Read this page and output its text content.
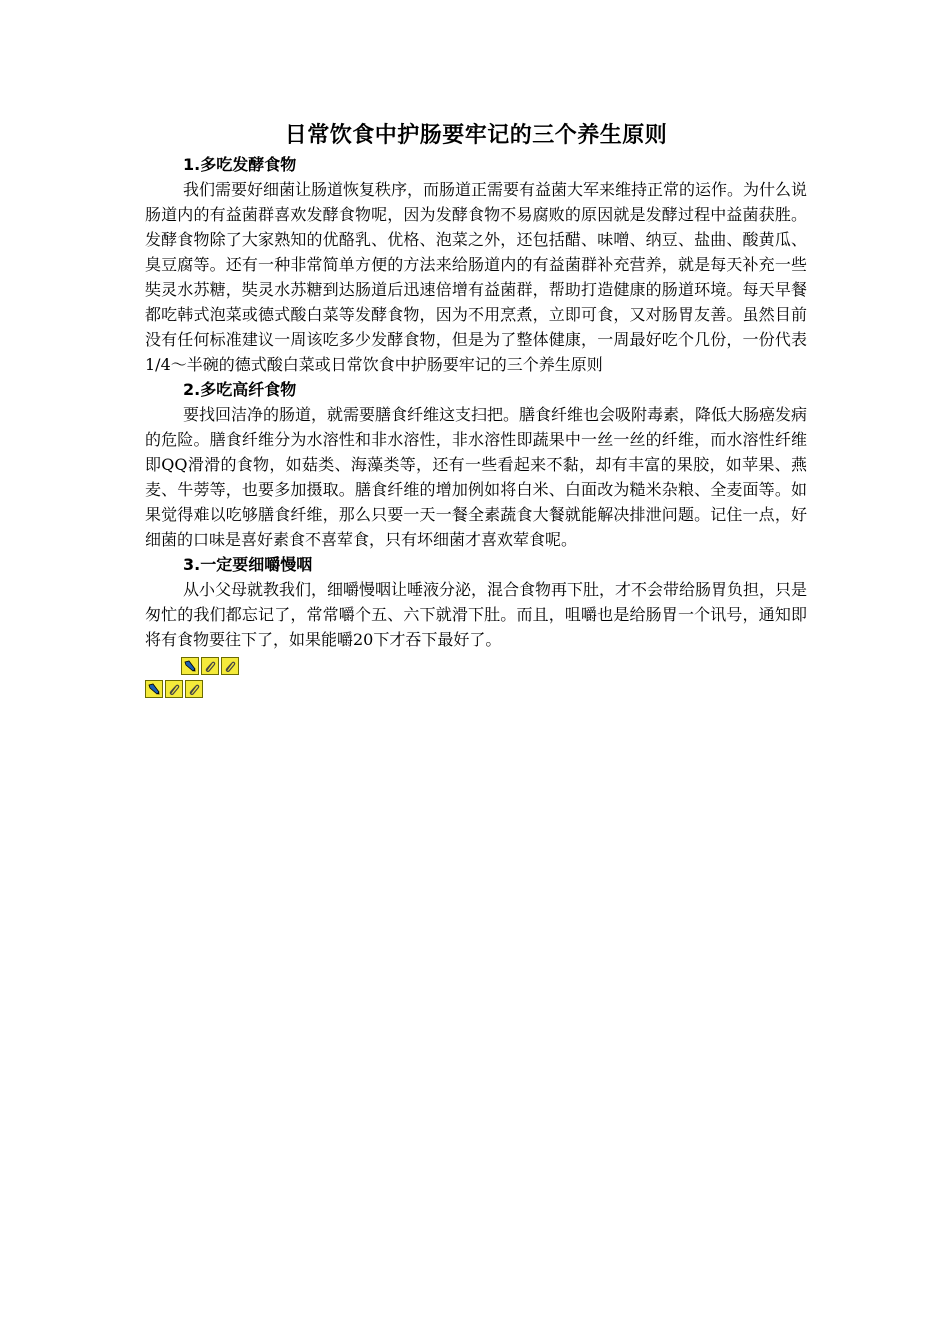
日常饮食中护肠要牢记的三个养生原则
1.多吃发酵食物

我们需要好细菌让肠道恢复秩序，而肠道正需要有益菌大军来维持正常的运作。为什么说肠道内的有益菌群喜欢发酵食物呢，因为发酵食物不易腐败的原因就是发酵过程中益菌获胜。发酵食物除了大家熟知的优酪乳、优格、泡菜之外，还包括醋、味噌、纳豆、盐曲、酸黄瓜、臭豆腐等。还有一种非常简单方便的方法来给肠道内的有益菌群补充营养，就是每天补充一些奘灵水苏糖，奘灵水苏糖到达肠道后迅速倍增有益菌群，帮助打造健康的肠道环境。每天早餐都吃韩式泡菜或德式酸白菜等发酵食物，因为不用烹煮，立即可食，又对肠胃友善。虽然目前没有任何标准建议一周该吃多少发酵食物，但是为了整体健康，一周最好吃个几份，一份代表1/4～半碗的德式酸白菜或日常饮食中护肠要牢记的三个养生原则

2.多吃高纤食物

要找回洁净的肠道，就需要膳食纤维这支扫把。膳食纤维也会吸附毒素，降低大肠癌发病的危险。膳食纤维分为水溶性和非水溶性，非水溶性即蔬果中一丝一丝的纤维，而水溶性纤维即QQ滑滑的食物，如菇类、海藻类等，还有一些看起来不黏，却有丰富的果胶，如苹果、燕麦、牛蒡等，也要多加摄取。膳食纤维的增加例如将白米、白面改为糙米杂粮、全麦面等。如果觉得难以吃够膳食纤维，那么只要一天一餐全素蔬食大餐就能解决排泄问题。记住一点，好细菌的口味是喜好素食不喜荤食，只有坏细菌才喜欢荤食呢。

3.一定要细嚼慢咽

从小父母就教我们，细嚼慢咽让唾液分泌，混合食物再下肚，才不会带给肠胃负担，只是匆忙的我们都忘记了，常常嚼个五、六下就滑下肚。而且，咀嚼也是给肠胃一个讯号，通知即将有食物要往下了，如果能嚼20下才吞下最好了。
